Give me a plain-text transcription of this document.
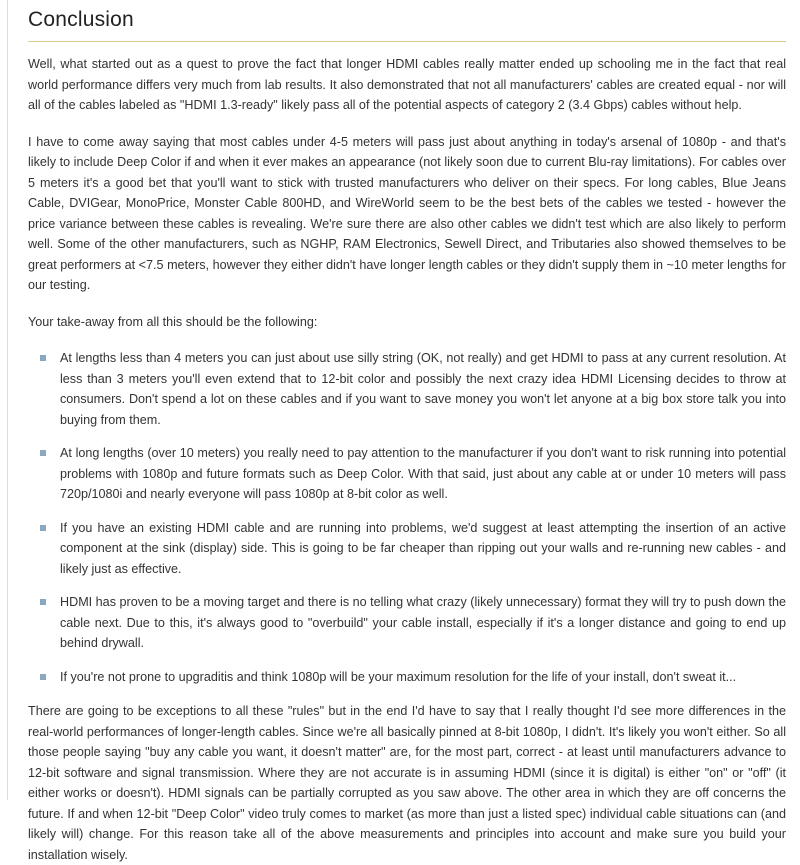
Conclusion

Well, what started out as a quest to prove the fact that longer HDMI cables really matter ended up schooling me in the fact that real world performance differs very much from lab results. It also demonstrated that not all manufacturers' cables are created equal - nor will all of the cables labeled as "HDMI 1.3-ready" likely pass all of the potential aspects of category 2 (3.4 Gbps) cables without help.

I have to come away saying that most cables under 4-5 meters will pass just about anything in today's arsenal of 1080p - and that's likely to include Deep Color if and when it ever makes an appearance (not likely soon due to current Blu-ray limitations). For cables over 5 meters it's a good bet that you'll want to stick with trusted manufacturers who deliver on their specs. For long cables, Blue Jeans Cable, DVIGear, MonoPrice, Monster Cable 800HD, and WireWorld seem to be the best bets of the cables we tested - however the price variance between these cables is revealing. We're sure there are also other cables we didn't test which are also likely to perform well. Some of the other manufacturers, such as NGHP, RAM Electronics, Sewell Direct, and Tributaries also showed themselves to be great performers at <7.5 meters, however they either didn't have longer length cables or they didn't supply them in ~10 meter lengths for our testing.

Your take-away from all this should be the following:

At lengths less than 4 meters you can just about use silly string (OK, not really) and get HDMI to pass at any current resolution. At less than 3 meters you'll even extend that to 12-bit color and possibly the next crazy idea HDMI Licensing decides to throw at consumers. Don't spend a lot on these cables and if you want to save money you won't let anyone at a big box store talk you into buying from them.
At long lengths (over 10 meters) you really need to pay attention to the manufacturer if you don't want to risk running into potential problems with 1080p and future formats such as Deep Color. With that said, just about any cable at or under 10 meters will pass 720p/1080i and nearly everyone will pass 1080p at 8-bit color as well.
If you have an existing HDMI cable and are running into problems, we'd suggest at least attempting the insertion of an active component at the sink (display) side. This is going to be far cheaper than ripping out your walls and re-running new cables - and likely just as effective.
HDMI has proven to be a moving target and there is no telling what crazy (likely unnecessary) format they will try to push down the cable next. Due to this, it's always good to "overbuild" your cable install, especially if it's a longer distance and going to end up behind drywall.
If you're not prone to upgraditis and think 1080p will be your maximum resolution for the life of your install, don't sweat it...

There are going to be exceptions to all these "rules" but in the end I'd have to say that I really thought I'd see more differences in the real-world performances of longer-length cables. Since we're all basically pinned at 8-bit 1080p, I didn't. It's likely you won't either. So all those people saying "buy any cable you want, it doesn't matter" are, for the most part, correct - at least until manufacturers advance to 12-bit software and signal transmission. Where they are not accurate is in assuming HDMI (since it is digital) is either "on" or "off" (it either works or doesn't). HDMI signals can be partially corrupted as you saw above. The other area in which they are off concerns the future. If and when 12-bit "Deep Color" video truly comes to market (as more than just a listed spec) individual cable situations can (and likely will) change. For this reason take all of the above measurements and principles into account and make sure you build your installation wisely.
